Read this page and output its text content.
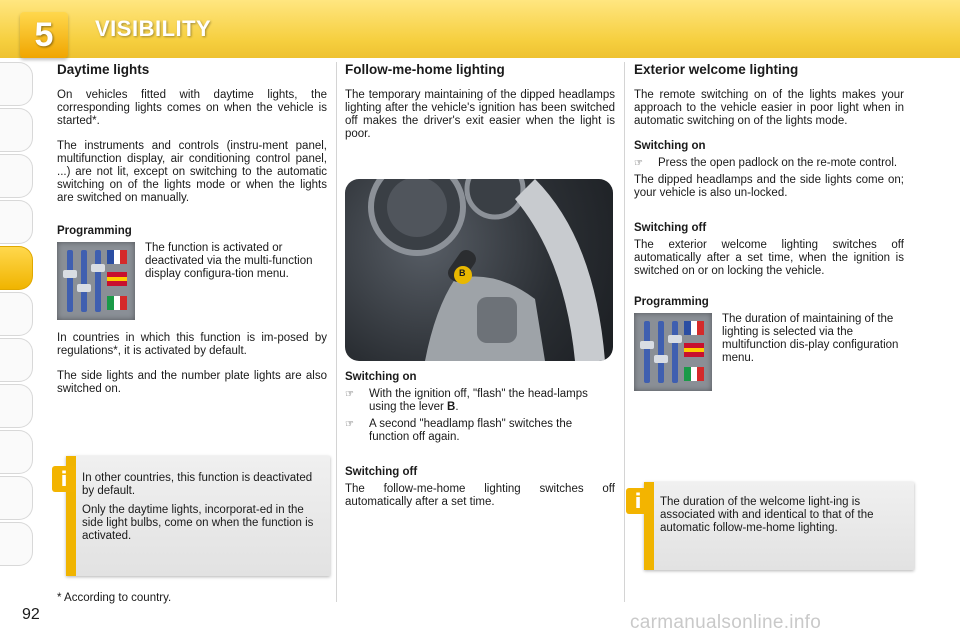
5	VISIBILITY
Daytime lights

On vehicles fitted with daytime lights, the corresponding lights comes on when the vehicle is started*.

The instruments and controls (instru-ment panel, multifunction display, air conditioning control panel, ...) are not lit, except on switching to the automatic switching on of the lights mode or when the lights are switched on manually.

Programming

The function is activated or deactivated via the multi-function display configura-tion menu.

In countries in which this function is im-posed by regulations*, it is activated by default.

The side lights and the number plate lights are also switched on.

In other countries, this function is deactivated by default.

Only the daytime lights, incorporat-ed in the side light bulbs, come on when the function is activated.

i
Follow-me-home lighting

The temporary maintaining of the dipped headlamps lighting after the vehicle's ignition has been switched off makes the driver's exit easier when the light is poor.

B
Switching on
☞	With the ignition off, "flash" the head-lamps using the lever B.
☞	A second "headlamp flash" switches the function off again.
Switching off

The follow-me-home lighting switches off automatically after a set time.

Exterior welcome lighting

The remote switching on of the lights makes your approach to the vehicle easier in poor light when in automatic switching on of the lights mode.

Switching on
☞	Press the open padlock on the re-mote control.

The dipped headlamps and the side lights come on; your vehicle is also un-locked.

Switching off

The exterior welcome lighting switches off automatically after a set time, when the ignition is switched on or on locking the vehicle.

Programming

The duration of maintaining of the lighting is selected via the multifunction dis-play configuration menu.

The duration of the welcome light-ing is associated with and identical to that of the automatic follow-me-home lighting.

i
* According to country.
92	carmanualsonline.info
